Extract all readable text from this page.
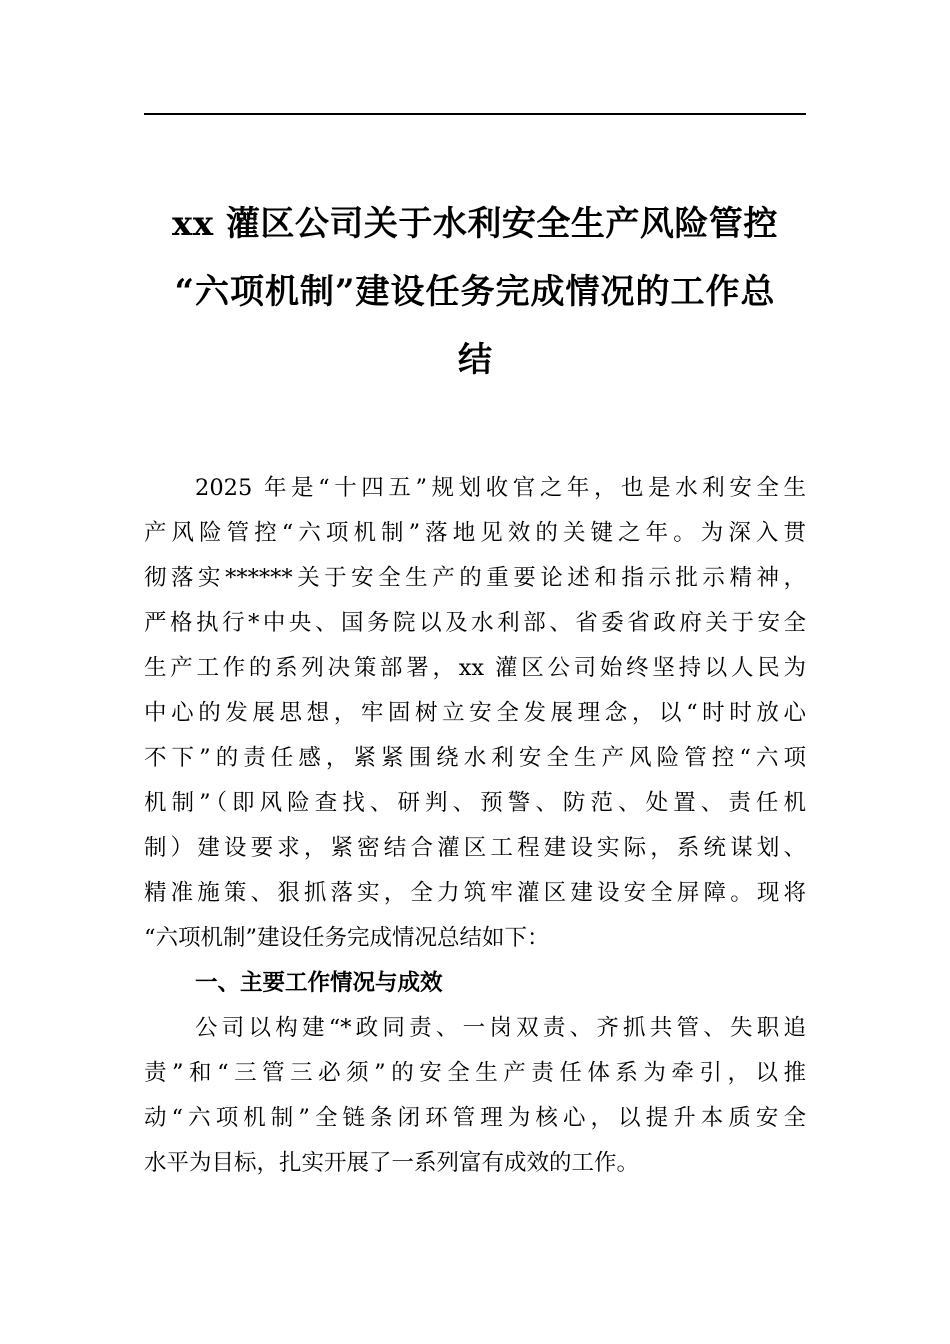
xx 灌区公司关于水利安全生产风险管控
“六项机制”建设任务完成情况的工作总
结
2025 年是“十四五”规划收官之年，也是水利安全生
产风险管控“六项机制”落地见效的关键之年。为深入贯
彻落实******关于安全生产的重要论述和指示批示精神，
严格执行*中央、国务院以及水利部、省委省政府关于安全
生产工作的系列决策部署，xx 灌区公司始终坚持以人民为
中心的发展思想，牢固树立安全发展理念，以“时时放心
不下”的责任感，紧紧围绕水利安全生产风险管控“六项
机制”（即风险查找、研判、预警、防范、处置、责任机
制）建设要求，紧密结合灌区工程建设实际，系统谋划、
精准施策、狠抓落实，全力筑牢灌区建设安全屏障。现将
“六项机制”建设任务完成情况总结如下：
一、主要工作情况与成效
公司以构建“*政同责、一岗双责、齐抓共管、失职追
责”和“三管三必须”的安全生产责任体系为牵引，以推
动“六项机制”全链条闭环管理为核心，以提升本质安全
水平为目标，扎实开展了一系列富有成效的工作。
